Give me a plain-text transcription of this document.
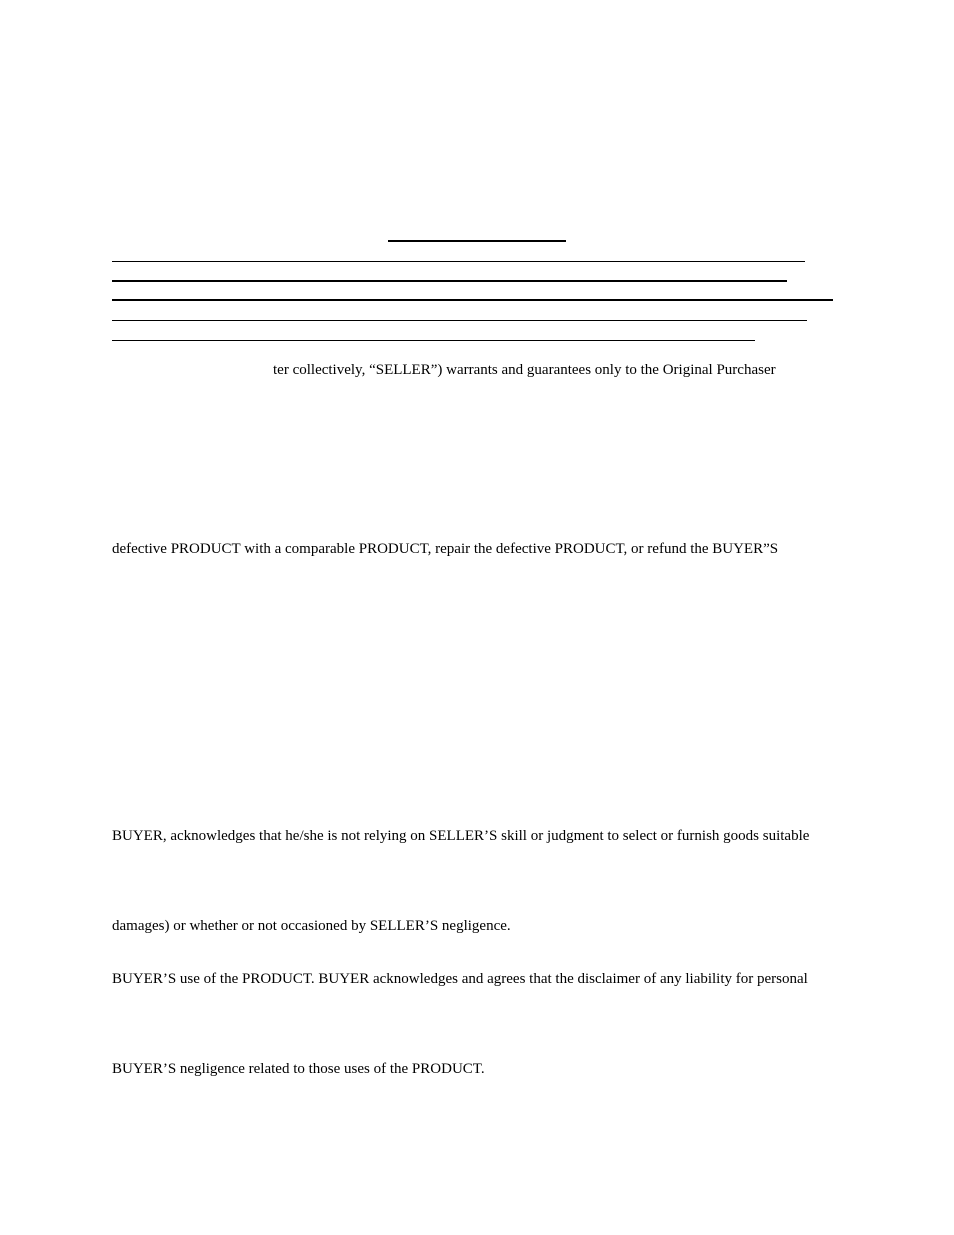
ter collectively, “SELLER”) warrants and guarantees only to the Original Purchaser
defective PRODUCT with a comparable PRODUCT, repair the defective PRODUCT, or refund the BUYER”S
BUYER, acknowledges that he/she is not relying on SELLER’S skill or judgment to select or furnish goods suitable
damages) or whether or not occasioned by SELLER’S negligence.
BUYER’S use of the PRODUCT. BUYER acknowledges and agrees that the disclaimer of any liability for personal
BUYER’S negligence related to those uses of the PRODUCT.
